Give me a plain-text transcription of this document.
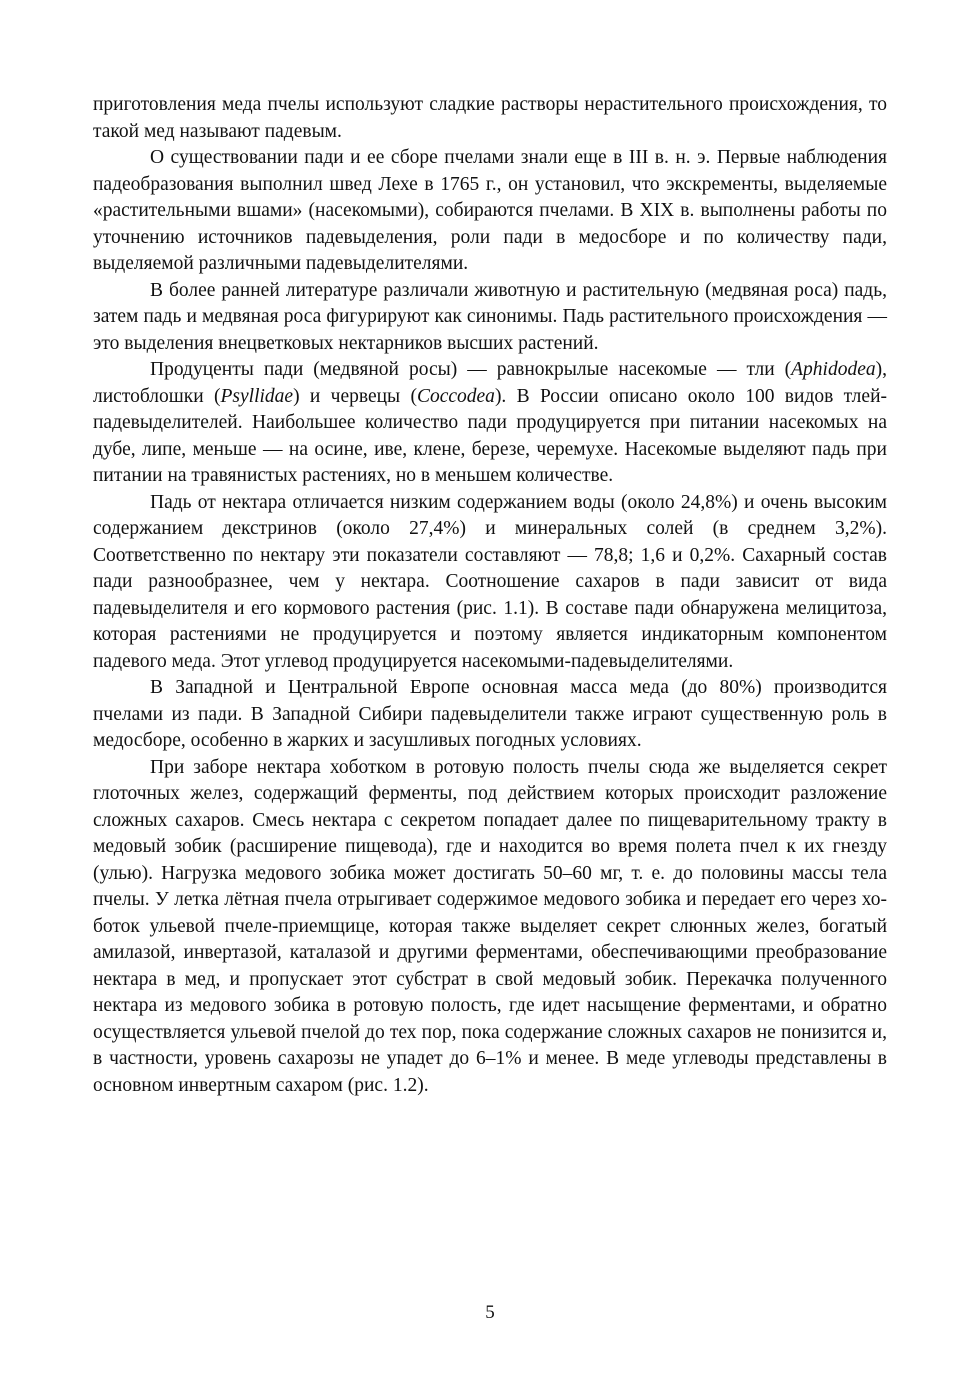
приготовления меда пчелы используют сладкие растворы нерастительного происхождения, то такой мед называют падевым.

О существовании пади и ее сборе пчелами знали еще в III в. н. э. Первые наблюдения падеобразования выполнил швед Лехе в 1765 г., он установил, что экскременты, выделяемые «растительными вшами» (насекомыми), собираются пчелами. В XIX в. выполнены работы по уточнению источников падевыделения, роли пади в медосборе и по количеству пади, выделяемой различными падевыделителями.

В более ранней литературе различали животную и растительную (медвяная роса) падь, затем падь и медвяная роса фигурируют как синонимы. Падь растительного происхождения — это выделения внецветковых нектарников высших растений.

Продуценты пади (медвяной росы) — равнокрылые насекомые — тли (Aphidodea), листоблошки (Psyllidae) и червецы (Coccodea). В России описано около 100 видов тлей-падевыделителей. Наибольшее количество пади продуцируется при питании насекомых на дубе, липе, меньше — на осине, иве, клене, березе, черемухе. Насекомые выделяют падь при питании на травянистых растениях, но в меньшем количестве.

Падь от нектара отличается низким содержанием воды (около 24,8%) и очень высоким содержанием декстринов (около 27,4%) и минеральных солей (в среднем 3,2%). Соответственно по нектару эти показатели составляют — 78,8; 1,6 и 0,2%. Сахарный состав пади разнообразнее, чем у нектара. Соотношение сахаров в пади зависит от вида падевыделителя и его кормового растения (рис. 1.1). В составе пади обнаружена мелицитоза, которая растениями не продуцируется и поэтому является индикаторным компонентом падевого меда. Этот углевод продуцируется насекомыми-падевыделителями.

В Западной и Центральной Европе основная масса меда (до 80%) производится пчелами из пади. В Западной Сибири падевыделители также играют существенную роль в медосборе, особенно в жарких и засушливых погодных условиях.

При заборе нектара хоботком в ротовую полость пчелы сюда же выделяется секрет глоточных желез, содержащий ферменты, под действием которых происходит разложение сложных сахаров. Смесь нектара с секретом попадает далее по пищеварительному тракту в медовый зобик (расширение пищевода), где и находится во время полета пчел к их гнезду (улью). Нагрузка медового зобика может достигать 50–60 мг, т. е. до половины массы тела пчелы. У летка лётная пчела отрыгивает содержимое медового зобика и передает его через хоботок ульевой пчеле-приемщице, которая также выделяет секрет слюнных желез, богатый амилазой, инвертазой, каталазой и другими ферментами, обеспечивающими преобразование нектара в мед, и пропускает этот субстрат в свой медовый зобик. Перекачка полученного нектара из медового зобика в ротовую полость, где идет насыщение ферментами, и обратно осуществляется ульевой пчелой до тех пор, пока содержание сложных сахаров не понизится и, в частности, уровень сахарозы не упадет до 6–1% и менее. В меде углеводы представлены в основном инвертным сахаром (рис. 1.2).

5
